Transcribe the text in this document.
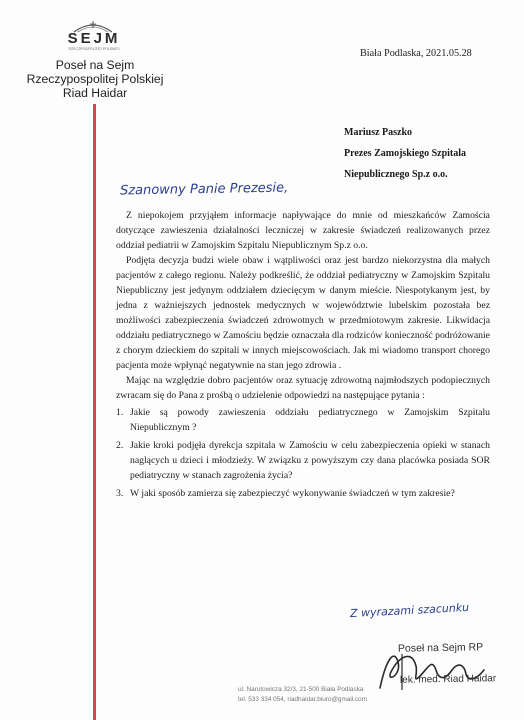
SEJM
RZECZPOSPOLITEJ POLSKIEJ
Poseł na Sejm
Rzeczypospolitej Polskiej
Riad Haidar
Biała Podlaska, 2021.05.28
Mariusz Paszko
Prezes Zamojskiego Szpitala
Niepublicznego Sp.z o.o.
Szanowny Panie Prezesie,

Z niepokojem przyjąłem informacje napływające do mnie od mieszkańców Zamościa dotyczące zawieszenia działalności leczniczej w zakresie świadczeń realizowanych przez oddział pediatrii w Zamojskim Szpitalu Niepublicznym Sp.z o.o.

Podjęta decyzja budzi wiele obaw i wątpliwości oraz jest bardzo niekorzystna dla małych pacjentów z całego regionu. Należy podkreślić, że oddział pediatryczny w Zamojskim Szpitalu Niepubliczny jest jedynym oddziałem dziecięcym w danym mieście. Niespotykanym jest, by jedna z ważniejszych jednostek medycznych w województwie lubelskim pozostała bez możliwości zabezpieczenia świadczeń zdrowotnych w przedmiotowym zakresie. Likwidacja oddziału pediatrycznego w Zamościu będzie oznaczała dla rodziców konieczność podróżowanie z chorym dzieckiem do szpitali w innych miejscowościach. Jak mi wiadomo transport chorego pacjenta może wpłynąć negatywnie na stan jego zdrowia .

Mając na względzie dobro pacjentów oraz sytuację zdrowotną najmłodszych podopiecznych zwracam się do Pana z prośbą o udzielenie odpowiedzi na następujące pytania :

1. Jakie są powody zawieszenia oddziału pediatrycznego w Zamojskim Szpitalu Niepublicznym ?
2. Jakie kroki podjęła dyrekcja szpitala w Zamościu w celu zabezpieczenia opieki w stanach naglących u dzieci i młodzieży. W związku z powyższym czy dana placówka posiada SOR pediatryczny w stanach zagrożenia życia?
3. W jaki sposób zamierza się zabezpieczyć wykonywanie świadczeń w tym zakresie?
Z wyrazami szacunku
Poseł na Sejm RP
lek. med. Riad Haidar
ul. Narutowicza 32/3, 21-500 Biała Podlaska
tel. 533 334 054, riadhaidar.biuro@gmail.com
